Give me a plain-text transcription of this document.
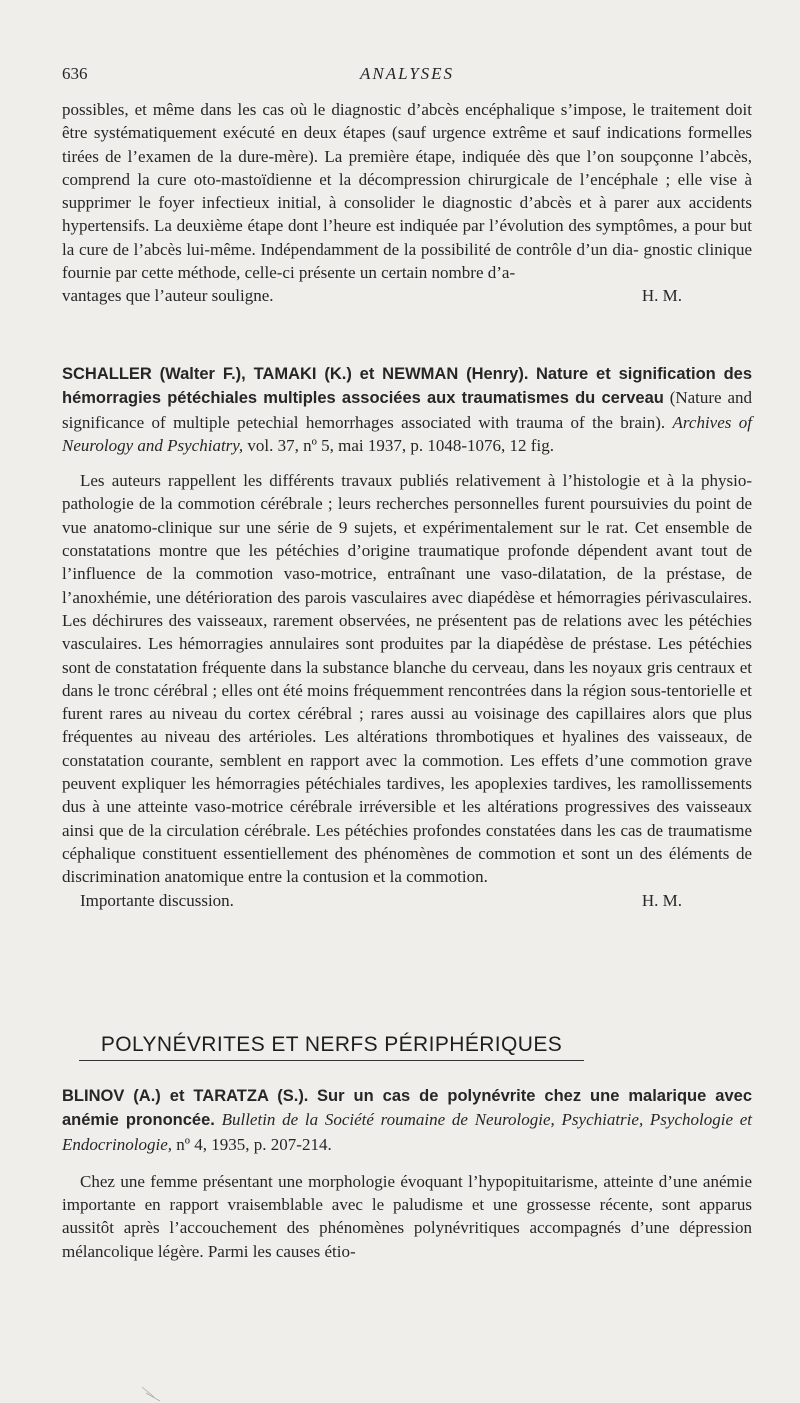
636	ANALYSES

possibles, et même dans les cas où le diagnostic d’abcès encéphalique s’impose, le traitement doit être systématiquement exécuté en deux étapes (sauf urgence extrême et sauf indications formelles tirées de l’examen de la dure-mère). La première étape, indiquée dès que l’on soupçonne l’abcès, comprend la cure oto-mastoïdienne et la décompression chirurgicale de l’encéphale ; elle vise à supprimer le foyer infectieux initial, à consolider le diagnostic d’abcès et à parer aux accidents hypertensifs. La deuxième étape dont l’heure est indiquée par l’évolution des symptômes, a pour but la cure de l’abcès lui-même. Indépendamment de la possibilité de contrôle d’un dia- gnostic clinique fournie par cette méthode, celle-ci présente un certain nombre d’a-

vantages que l’auteur souligne.	H. M.

SCHALLER (Walter F.), TAMAKI (K.) et NEWMAN (Henry). Nature et signification des hémorragies pétéchiales multiples associées aux traumatismes du cerveau (Nature and significance of multiple petechial hemorrhages associated with trauma of the brain). Archives of Neurology and Psychiatry, vol. 37, nº 5, mai 1937, p. 1048-1076, 12 fig.

Les auteurs rappellent les différents travaux publiés relativement à l’histologie et à la physio-pathologie de la commotion cérébrale ; leurs recherches personnelles furent poursuivies du point de vue anatomo-clinique sur une série de 9 sujets, et expérimentalement sur le rat. Cet ensemble de constatations montre que les pétéchies d’origine traumatique profonde dépendent avant tout de l’influence de la commotion vaso-motrice, entraînant une vaso-dilatation, de la préstase, de l’anoxhémie, une détérioration des parois vasculaires avec diapédèse et hémorragies périvasculaires. Les déchirures des vaisseaux, rarement observées, ne présentent pas de relations avec les pétéchies vasculaires. Les hémorragies annulaires sont produites par la diapédèse de préstase. Les pétéchies sont de constatation fréquente dans la substance blanche du cerveau, dans les noyaux gris centraux et dans le tronc cérébral ; elles ont été moins fréquemment rencontrées dans la région sous-tentorielle et furent rares au niveau du cortex cérébral ; rares aussi au voisinage des capillaires alors que plus fréquentes au niveau des artérioles. Les altérations thrombotiques et hyalines des vaisseaux, de constatation courante, semblent en rapport avec la commotion. Les effets d’une commotion grave peuvent expliquer les hémorragies pétéchiales tardives, les apoplexies tardives, les ramollissements dus à une atteinte vaso-motrice cérébrale irréversible et les altérations progressives des vaisseaux ainsi que de la circulation cérébrale. Les pétéchies profondes constatées dans les cas de traumatisme céphalique constituent essentiellement des phénomènes de commotion et sont un des éléments de discrimination anatomique entre la contusion et la commotion.

Importante discussion.	H. M.

POLYNÉVRITES ET NERFS PÉRIPHÉRIQUES

BLINOV (A.) et TARATZA (S.). Sur un cas de polynévrite chez une malarique avec anémie prononcée. Bulletin de la Société roumaine de Neurologie, Psychiatrie, Psychologie et Endocrinologie, nº 4, 1935, p. 207-214.

Chez une femme présentant une morphologie évoquant l’hypopituitarisme, atteinte d’une anémie importante en rapport vraisemblable avec le paludisme et une grossesse récente, sont apparus aussitôt après l’accouchement des phénomènes polynévritiques accompagnés d’une dépression mélancolique légère. Parmi les causes étio-
